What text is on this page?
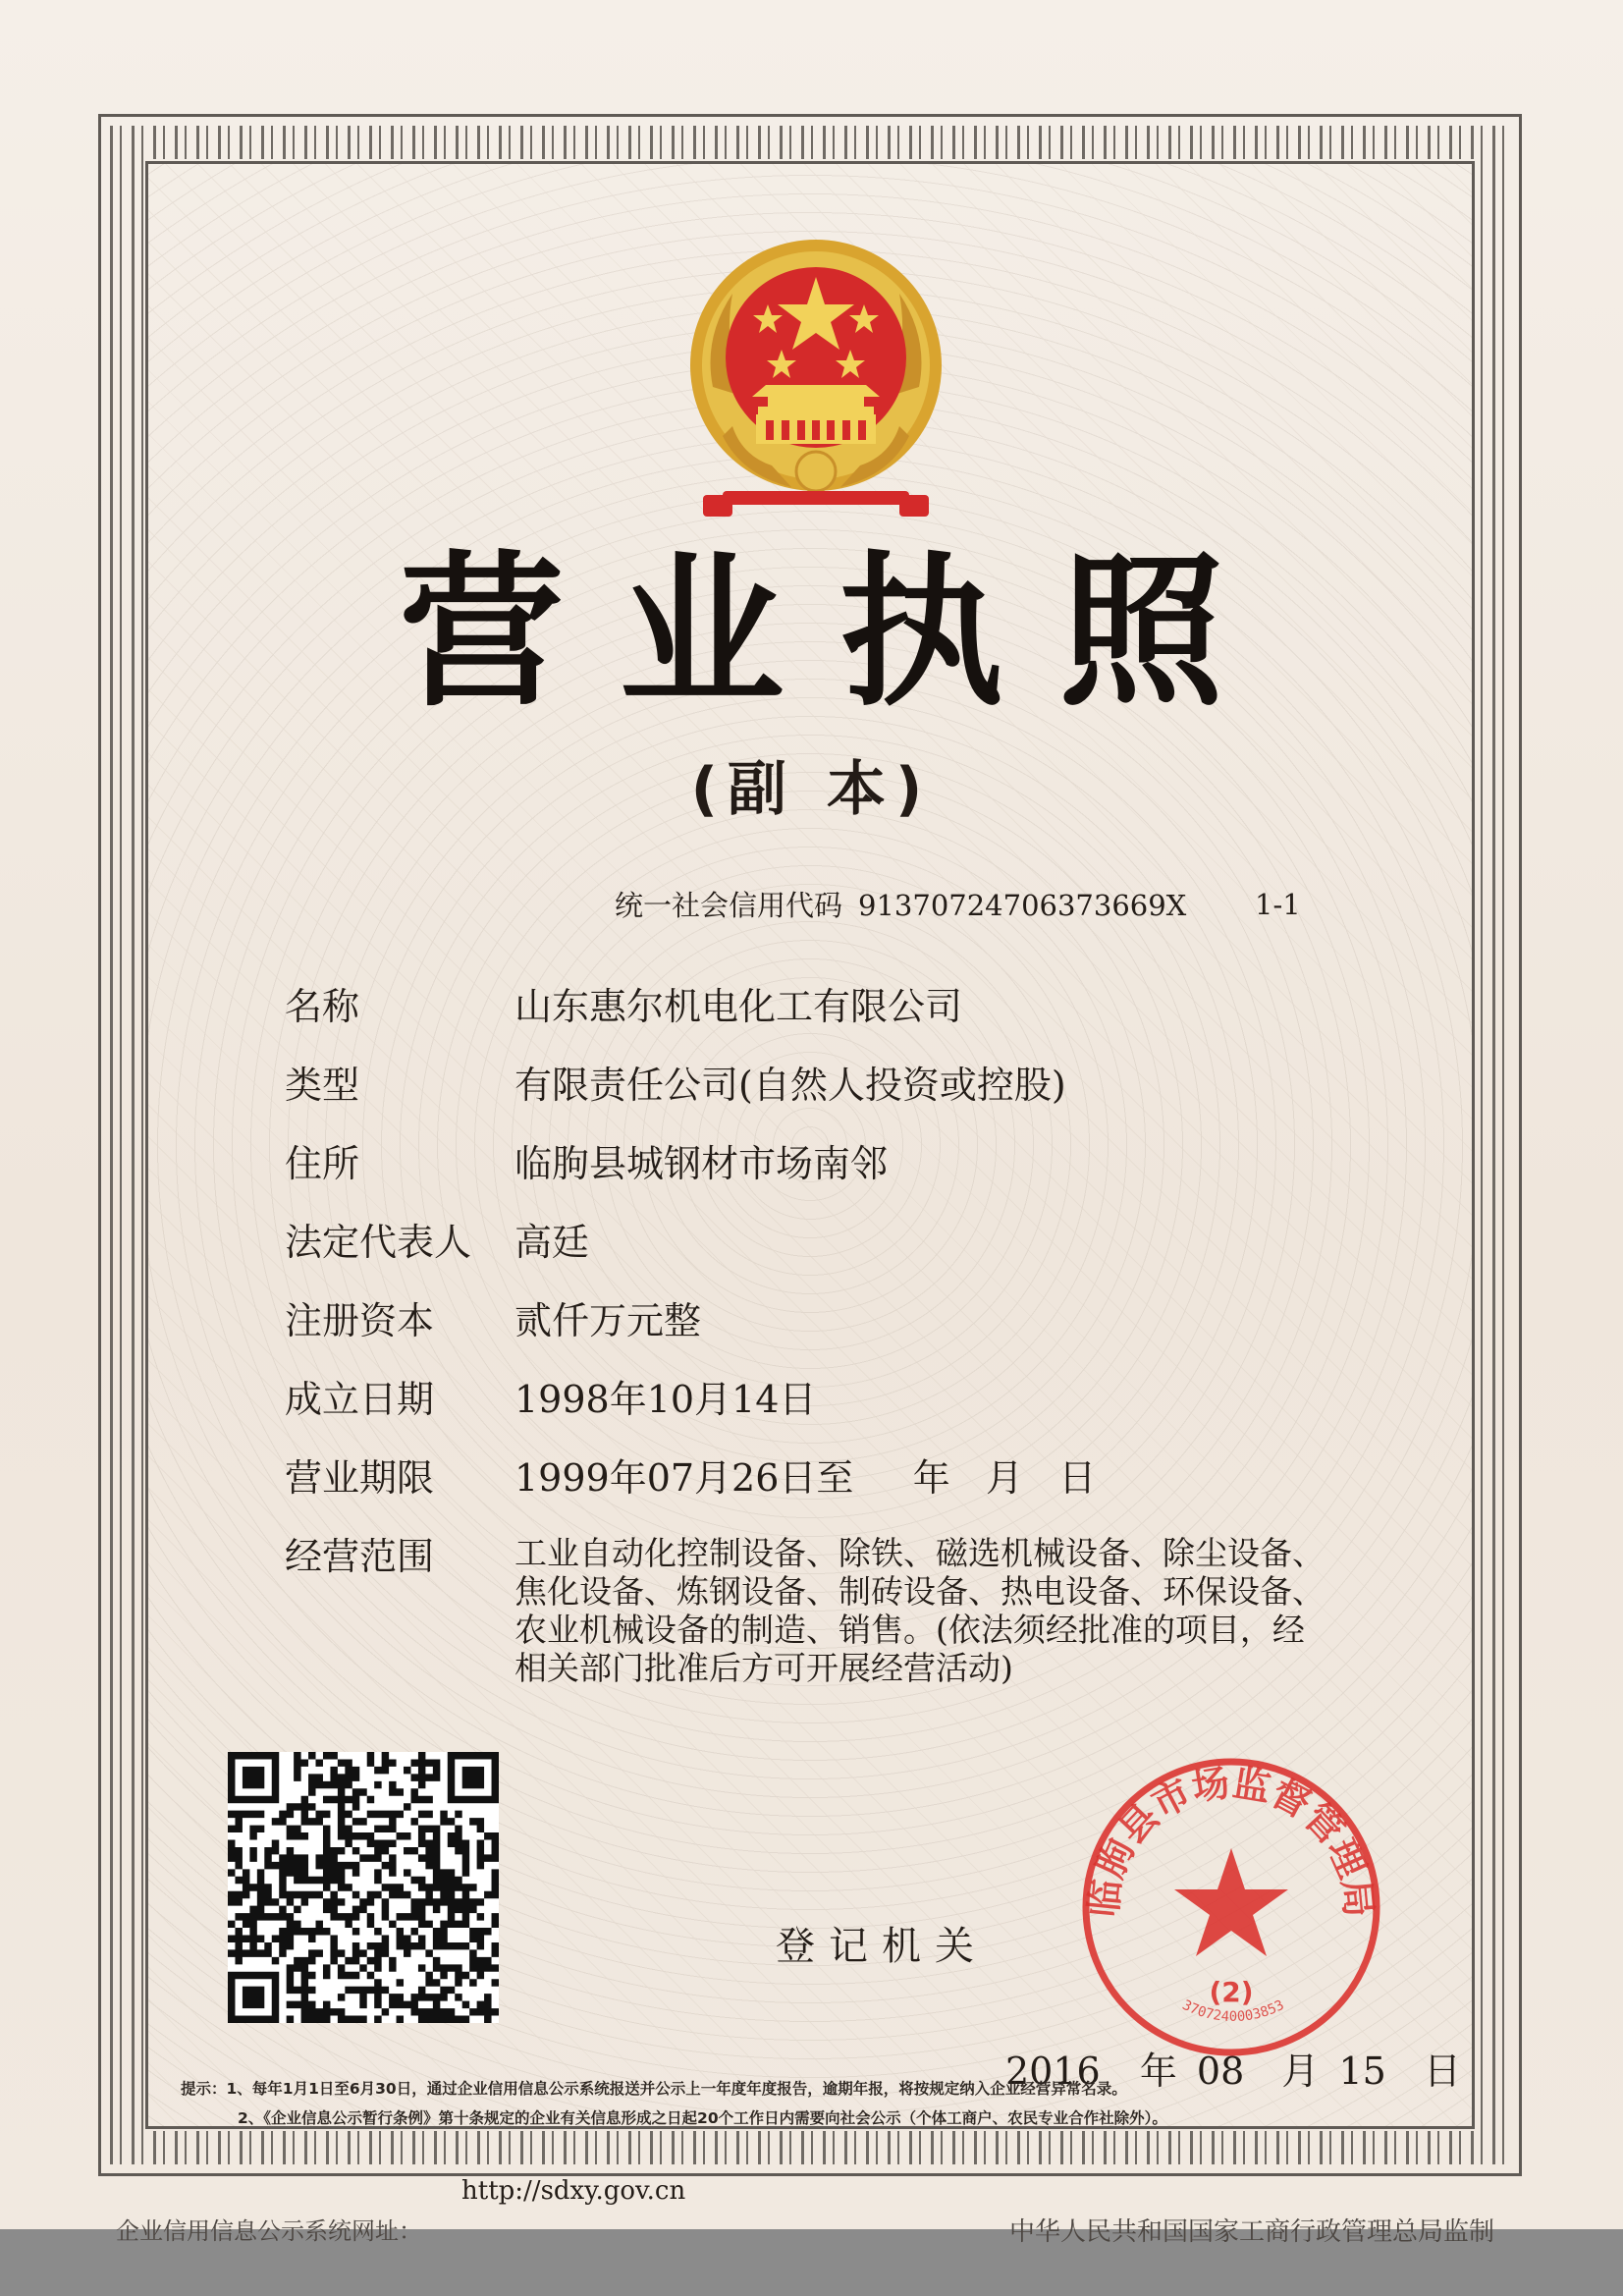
营业执照
(副 本)
统一社会信用代码 91370724706373669X 1-1
名称	山东惠尔机电化工有限公司
类型	有限责任公司(自然人投资或控股)
住所	临朐县城钢材市场南邻
法定代表人 高廷
注册资本 贰仟万元整
成立日期 1998年10月14日
营业期限 1999年07月26日至     年   月   日
经营范围 工业自动化控制设备、除铁、磁选机械设备、除尘设备、
焦化设备、炼钢设备、制砖设备、热电设备、环保设备、
农业机械设备的制造、销售。(依法须经批准的项目，经
相关部门批准后方可开展经营活动)
登记机关
2016 年 08 月 15 日
临朐县市场监督管理局
(2)
3707240003853
提示：1、每年1月1日至6月30日，通过企业信用信息公示系统报送并公示上一年度年度报告，逾期年报，将按规定纳入企业经营异常名录。
2、《企业信息公示暂行条例》第十条规定的企业有关信息形成之日起20个工作日内需要向社会公示（个体工商户、农民专业合作社除外）。
http://sdxy.gov.cn
企业信用信息公示系统网址：	中华人民共和国国家工商行政管理总局监制
